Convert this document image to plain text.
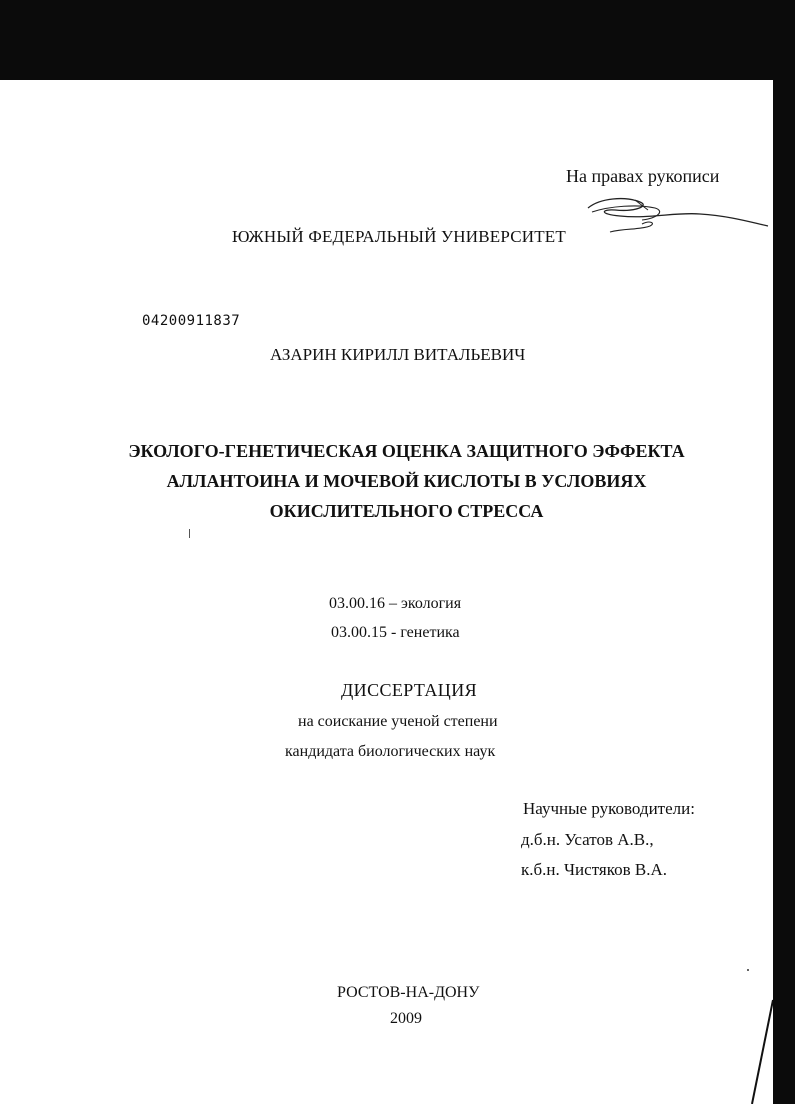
На правах рукописи
ЮЖНЫЙ ФЕДЕРАЛЬНЫЙ УНИВЕРСИТЕТ
04200911837
АЗАРИН КИРИЛЛ ВИТАЛЬЕВИЧ
ЭКОЛОГО-ГЕНЕТИЧЕСКАЯ ОЦЕНКА ЗАЩИТНОГО ЭФФЕКТА
АЛЛАНТОИНА И МОЧЕВОЙ КИСЛОТЫ В УСЛОВИЯХ
ОКИСЛИТЕЛЬНОГО СТРЕССА
03.00.16 – экология
03.00.15 - генетика
ДИССЕРТАЦИЯ
на соискание ученой степени
кандидата биологических наук
Научные руководители:
д.б.н. Усатов А.В.,
к.б.н. Чистяков В.А.
РОСТОВ-НА-ДОНУ
2009
